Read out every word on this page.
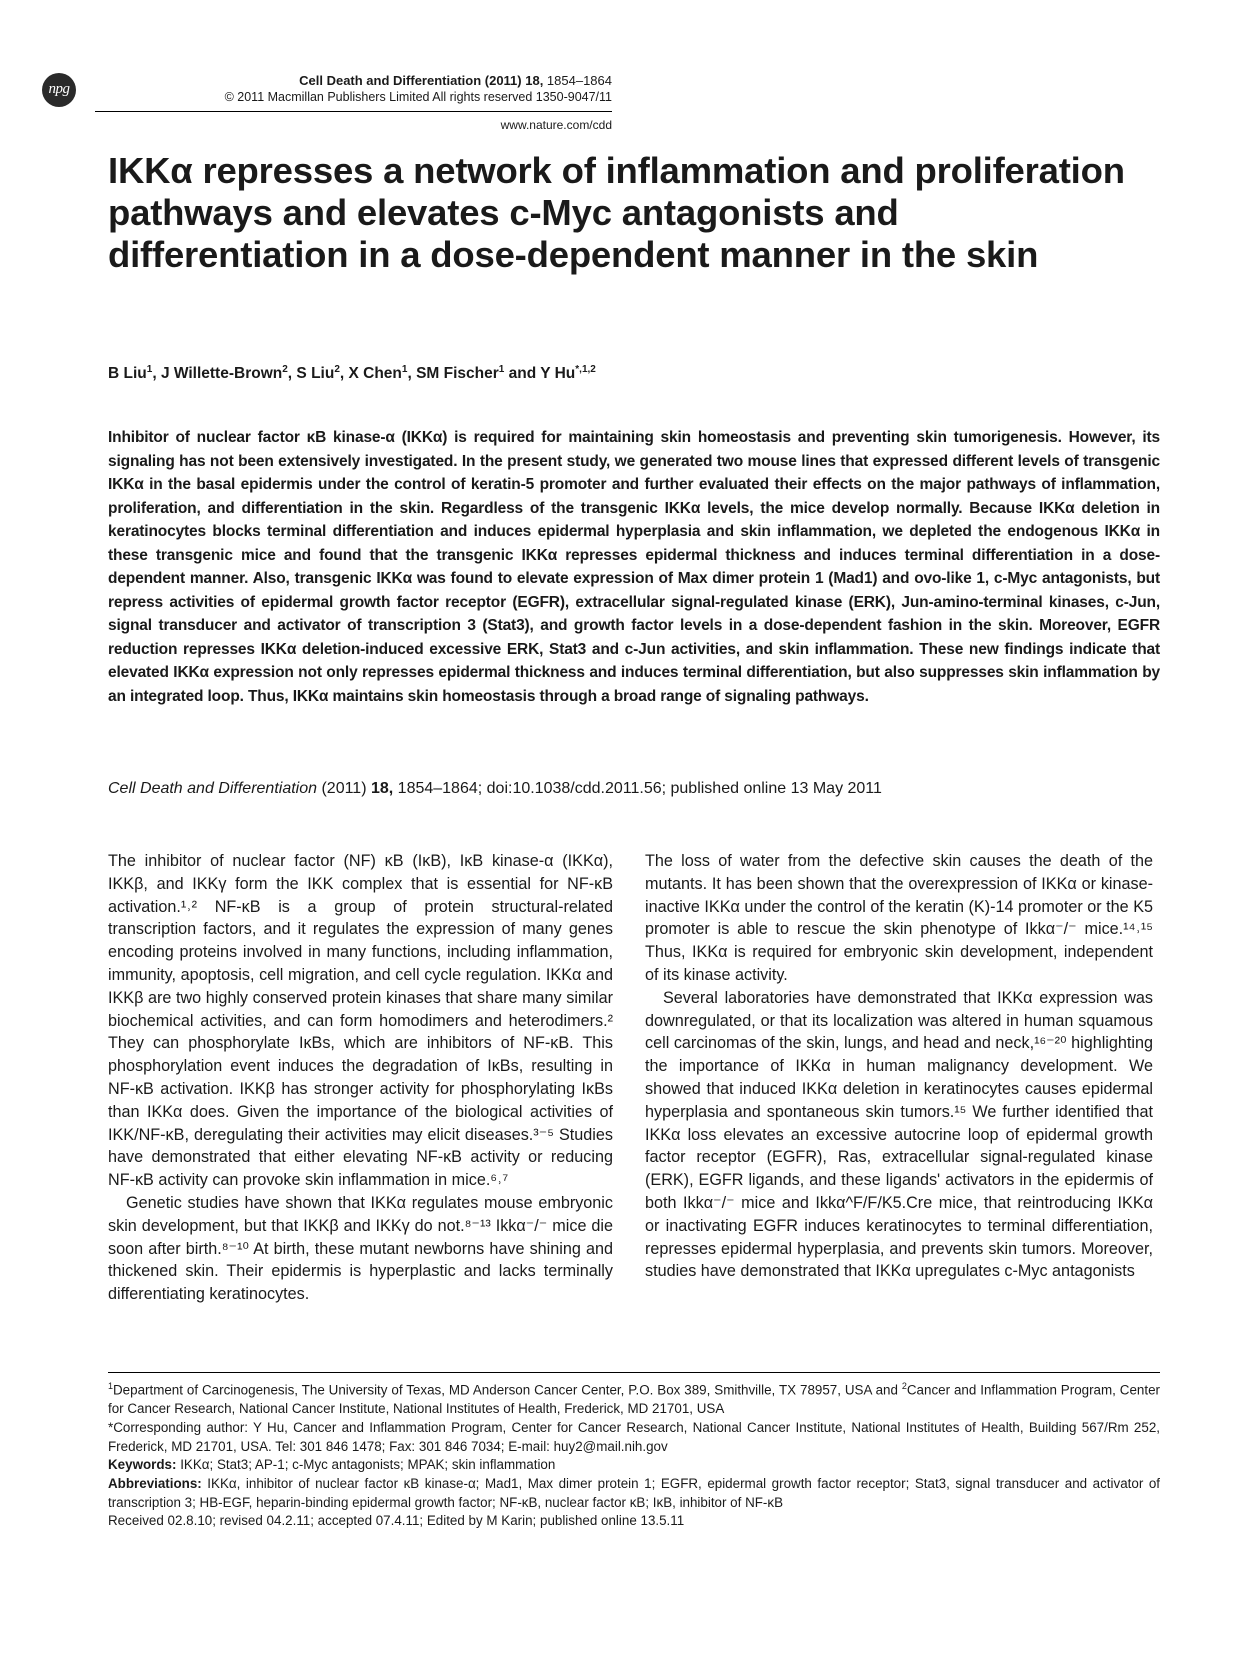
npg
Cell Death and Differentiation (2011) 18, 1854–1864
© 2011 Macmillan Publishers Limited All rights reserved 1350-9047/11
www.nature.com/cdd
IKKα represses a network of inflammation and proliferation pathways and elevates c-Myc antagonists and differentiation in a dose-dependent manner in the skin
B Liu$^1$, J Willette-Brown$^2$, S Liu$^2$, X Chen$^1$, SM Fischer$^1$ and Y $Hu^{*,1,2}$

Inhibitor of nuclear factor κB kinase-α (IKKα) is required for maintaining skin homeostasis and preventing skin tumorigenesis. However, its signaling has not been extensively investigated. In the present study, we generated two mouse lines that expressed different levels of transgenic IKKα in the basal epidermis under the control of keratin-5 promoter and further evaluated their effects on the major pathways of inflammation, proliferation, and differentiation in the skin. Regardless of the transgenic IKKα levels, the mice develop normally. Because IKKα deletion in keratinocytes blocks terminal differentiation and induces epidermal hyperplasia and skin inflammation, we depleted the endogenous IKKα in these transgenic mice and found that the transgenic IKKα represses epidermal thickness and induces terminal differentiation in a dose-dependent manner. Also, transgenic IKKα was found to elevate expression of Max dimer protein 1 (Mad1) and ovo-like 1, c-Myc antagonists, but repress activities of epidermal growth factor receptor (EGFR), extracellular signal-regulated kinase (ERK), Jun-amino-terminal kinases, c-Jun, signal transducer and activator of transcription 3 (Stat3), and growth factor levels in a dose-dependent fashion in the skin. Moreover, EGFR reduction represses IKKα deletion-induced excessive ERK, Stat3 and c-Jun activities, and skin inflammation. These new findings indicate that elevated IKKα expression not only represses epidermal thickness and induces terminal differentiation, but also suppresses skin inflammation by an integrated loop. Thus, IKKα maintains skin homeostasis through a broad range of signaling pathways.

Cell Death and Differentiation (2011) 18, 1854–1864; doi:10.1038/cdd.2011.56; published online 13 May 2011

The inhibitor of nuclear factor (NF) κB (IκB), IκB kinase-α (IKKα), IKKβ, and IKKγ form the IKK complex that is essential for NF-κB activation.¹˒² NF-κB is a group of protein structural-related transcription factors, and it regulates the expression of many genes encoding proteins involved in many functions, including inflammation, immunity, apoptosis, cell migration, and cell cycle regulation. IKKα and IKKβ are two highly conserved protein kinases that share many similar biochemical activities, and can form homodimers and heterodimers.² They can phosphorylate IκBs, which are inhibitors of NF-κB. This phosphorylation event induces the degradation of IκBs, resulting in NF-κB activation. IKKβ has stronger activity for phosphorylating IκBs than IKKα does. Given the importance of the biological activities of IKK/NF-κB, deregulating their activities may elicit diseases.³⁻⁵ Studies have demonstrated that either elevating NF-κB activity or reducing NF-κB activity can provoke skin inflammation in mice.⁶˒⁷

Genetic studies have shown that IKKα regulates mouse embryonic skin development, but that IKKβ and IKKγ do not.⁸⁻¹³ Ikkα⁻/⁻ mice die soon after birth.⁸⁻¹⁰ At birth, these mutant newborns have shining and thickened skin. Their epidermis is hyperplastic and lacks terminally differentiating keratinocytes.

The loss of water from the defective skin causes the death of the mutants. It has been shown that the overexpression of IKKα or kinase-inactive IKKα under the control of the keratin (K)-14 promoter or the K5 promoter is able to rescue the skin phenotype of Ikkα⁻/⁻ mice.¹⁴˒¹⁵ Thus, IKKα is required for embryonic skin development, independent of its kinase activity.

Several laboratories have demonstrated that IKKα expression was downregulated, or that its localization was altered in human squamous cell carcinomas of the skin, lungs, and head and neck,¹⁶⁻²⁰ highlighting the importance of IKKα in human malignancy development. We showed that induced IKKα deletion in keratinocytes causes epidermal hyperplasia and spontaneous skin tumors.¹⁵ We further identified that IKKα loss elevates an excessive autocrine loop of epidermal growth factor receptor (EGFR), Ras, extracellular signal-regulated kinase (ERK), EGFR ligands, and these ligands' activators in the epidermis of both Ikkα⁻/⁻ mice and Ikkα^F/F/K5.Cre mice, that reintroducing IKKα or inactivating EGFR induces keratinocytes to terminal differentiation, represses epidermal hyperplasia, and prevents skin tumors. Moreover, studies have demonstrated that IKKα upregulates c-Myc antagonists

$^1$Department of Carcinogenesis, The University of Texas, MD Anderson Cancer Center, P.O. Box 389, Smithville, TX 78957, USA and $^2$Cancer and Inflammation Program, Center for Cancer Research, National Cancer Institute, National Institutes of Health, Frederick, MD 21701, USA

*Corresponding author: Y Hu, Cancer and Inflammation Program, Center for Cancer Research, National Cancer Institute, National Institutes of Health, Building 567/Rm 252, Frederick, MD 21701, USA. Tel: 301 846 1478; Fax: 301 846 7034; E-mail: huy2@mail.nih.gov

Keywords: IKKα; Stat3; AP-1; c-Myc antagonists; MPAK; skin inflammation

Abbreviations: IKKα, inhibitor of nuclear factor κB kinase-α; Mad1, Max dimer protein 1; EGFR, epidermal growth factor receptor; Stat3, signal transducer and activator of transcription 3; HB-EGF, heparin-binding epidermal growth factor; NF-κB, nuclear factor κB; IκB, inhibitor of NF-κB

Received 02.8.10; revised 04.2.11; accepted 07.4.11; Edited by M Karin; published online 13.5.11
